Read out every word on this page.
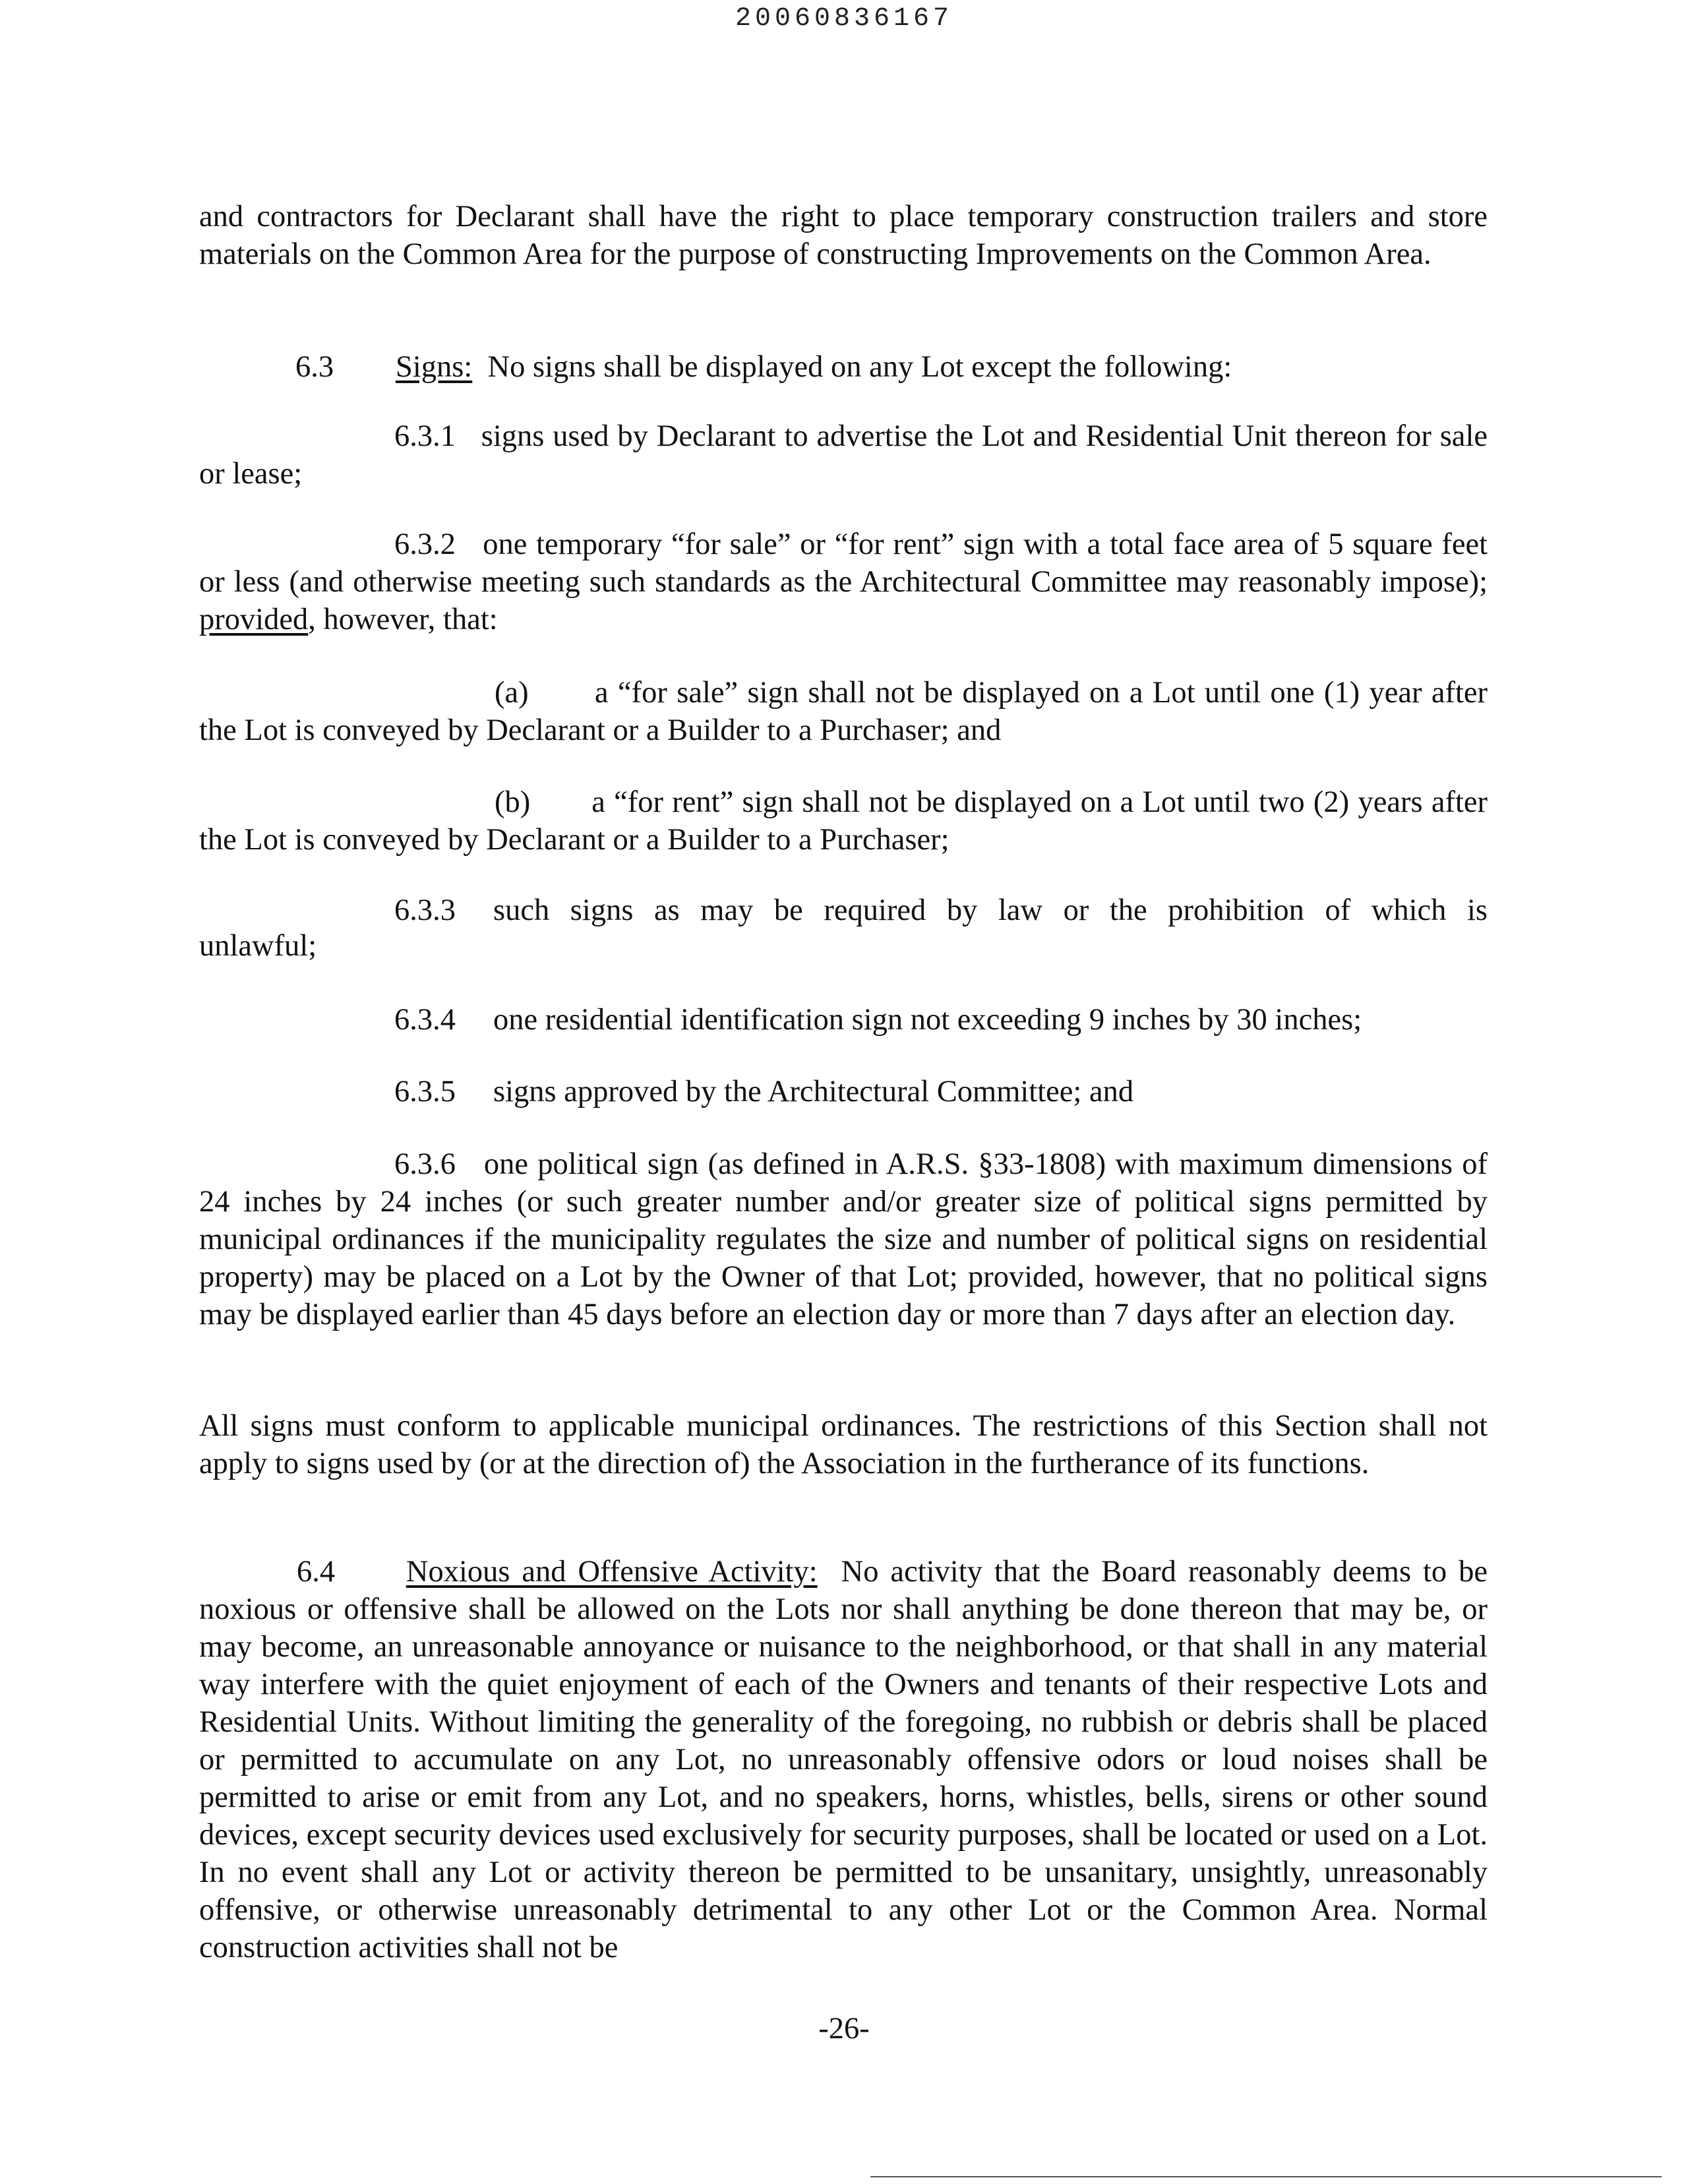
20060836167

and contractors for Declarant shall have the right to place temporary construction trailers and store materials on the Common Area for the purpose of constructing Improvements on the Common Area.

6.3 Signs: No signs shall be displayed on any Lot except the following:

6.3.1 signs used by Declarant to advertise the Lot and Residential Unit thereon for sale or lease;

6.3.2 one temporary “for sale” or “for rent” sign with a total face area of 5 square feet or less (and otherwise meeting such standards as the Architectural Committee may reasonably impose); provided, however, that:

(a) a “for sale” sign shall not be displayed on a Lot until one (1) year after the Lot is conveyed by Declarant or a Builder to a Purchaser; and

(b) a “for rent” sign shall not be displayed on a Lot until two (2) years after the Lot is conveyed by Declarant or a Builder to a Purchaser;

6.3.3 such signs as may be required by law or the prohibition of which is
unlawful;
6.3.4 one residential identification sign not exceeding 9 inches by 30 inches;
6.3.5 signs approved by the Architectural Committee; and

6.3.6 one political sign (as defined in A.R.S. §33-1808) with maximum dimensions of 24 inches by 24 inches (or such greater number and/or greater size of political signs permitted by municipal ordinances if the municipality regulates the size and number of political signs on residential property) may be placed on a Lot by the Owner of that Lot; provided, however, that no political signs may be displayed earlier than 45 days before an election day or more than 7 days after an election day.

All signs must conform to applicable municipal ordinances. The restrictions of this Section shall not apply to signs used by (or at the direction of) the Association in the furtherance of its functions.

6.4 Noxious and Offensive Activity: No activity that the Board reasonably deems to be noxious or offensive shall be allowed on the Lots nor shall anything be done thereon that may be, or may become, an unreasonable annoyance or nuisance to the neighborhood, or that shall in any material way interfere with the quiet enjoyment of each of the Owners and tenants of their respective Lots and Residential Units. Without limiting the generality of the foregoing, no rubbish or debris shall be placed or permitted to accumulate on any Lot, no unreasonably offensive odors or loud noises shall be permitted to arise or emit from any Lot, and no speakers, horns, whistles, bells, sirens or other sound devices, except security devices used exclusively for security purposes, shall be located or used on a Lot. In no event shall any Lot or activity thereon be permitted to be unsanitary, unsightly, unreasonably offensive, or otherwise unreasonably detrimental to any other Lot or the Common Area. Normal construction activities shall not be

-26-
